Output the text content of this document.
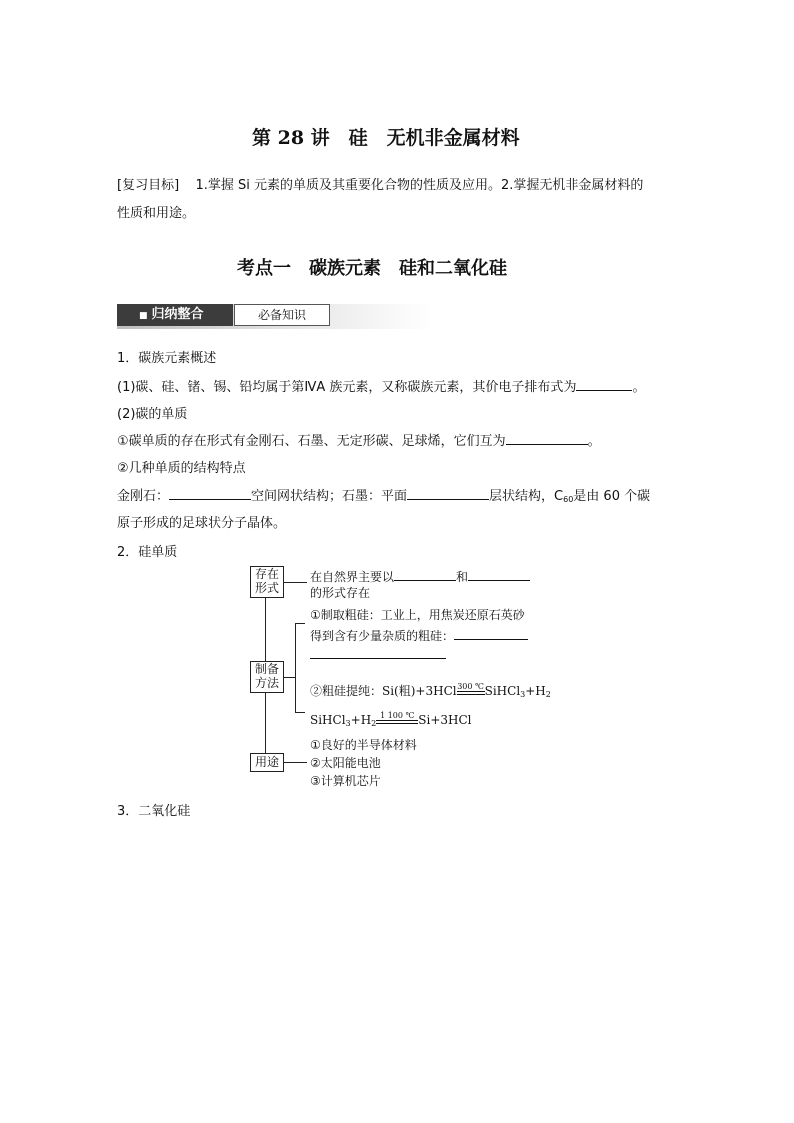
第 28 讲　硅　无机非金属材料
[复习目标] 1.掌握 Si 元素的单质及其重要化合物的性质及应用。2.掌握无机非金属材料的
性质和用途。
考点一　碳族元素　硅和二氧化硅
■ 归纳整合	必备知识
1．碳族元素概述
(1)碳、硅、锗、锡、铅均属于第ⅣA 族元素，又称碳族元素，其价电子排布式为	。
(2)碳的单质
①碳单质的存在形式有金刚石、石墨、无定形碳、足球烯，它们互为	。
②几种单质的结构特点
金刚石：	空间网状结构；石墨：平面	层状结构，$C_{60}$是由 60 个碳
原子形成的足球状分子晶体。
2．硅单质
存在
形式
制备
方法
用途
在自然界主要以	和
的形式存在
①制取粗硅：工业上，用焦炭还原石英砂
得到含有少量杂质的粗硅：
②粗硅提纯：Si(粗)+3HCl 300 ℃ $SiHCl_3+H_2$
$SiHCl_3+H_2$
1 100 ℃ Si+3HCl
①良好的半导体材料
②太阳能电池
③计算机芯片
3．二氧化硅
